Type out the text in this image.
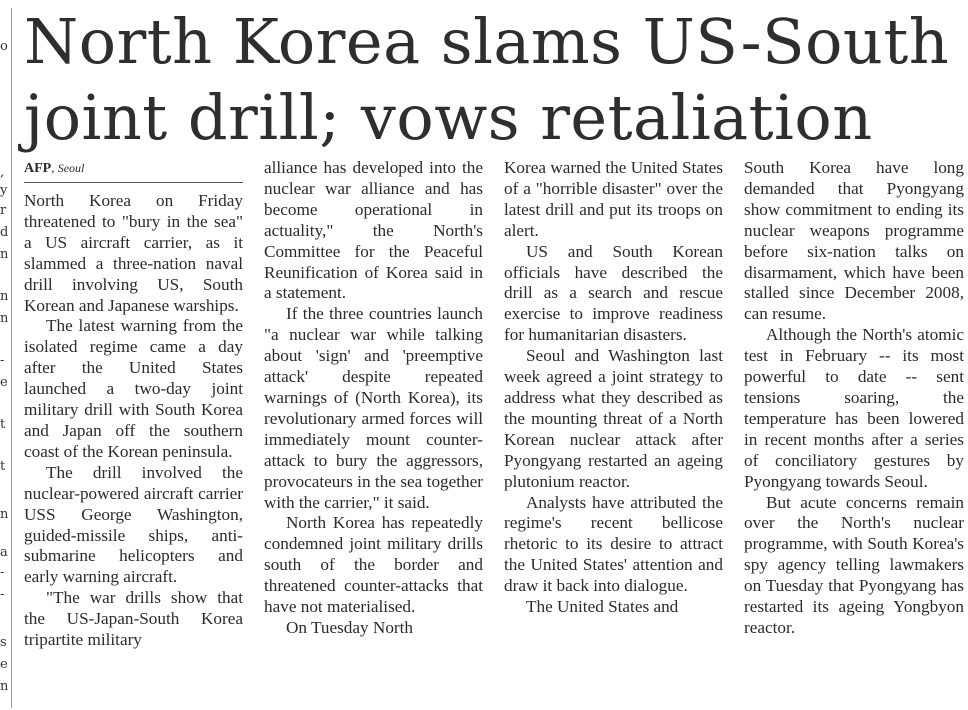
o
,
y
r
d
n
n
n
-
e
t
t
n
a
-
-
s
e
n
North Korea slams US-South joint drill; vows retaliation
AFP, Seoul

North Korea on Friday threatened to "bury in the sea" a US aircraft carrier, as it slammed a three-nation naval drill involving US, South Korean and Japanese warships.

The latest warning from the isolated regime came a day after the United States launched a two-day joint military drill with South Korea and Japan off the southern coast of the Korean peninsula.

The drill involved the nuclear-powered aircraft carrier USS George Washington, guided-missile ships, anti-submarine helicopters and early warning aircraft.

"The war drills show that the US-Japan-South Korea tripartite military

alliance has developed into the nuclear war alliance and has become operational in actuality," the North's Committee for the Peaceful Reunification of Korea said in a statement.

If the three countries launch "a nuclear war while talking about 'sign' and 'preemptive attack' despite repeated warnings of (North Korea), its revolutionary armed forces will immediately mount counter-attack to bury the aggressors, provocateurs in the sea together with the carrier," it said.

North Korea has repeatedly condemned joint military drills south of the border and threatened counter-attacks that have not materialised.

On Tuesday North

Korea warned the United States of a "horrible disaster" over the latest drill and put its troops on alert.

US and South Korean officials have described the drill as a search and rescue exercise to improve readiness for humanitarian disasters.

Seoul and Washington last week agreed a joint strategy to address what they described as the mounting threat of a North Korean nuclear attack after Pyongyang restarted an ageing plutonium reactor.

Analysts have attributed the regime's recent bellicose rhetoric to its desire to attract the United States' attention and draw it back into dialogue.

The United States and

South Korea have long demanded that Pyongyang show commitment to ending its nuclear weapons programme before six-nation talks on disarmament, which have been stalled since December 2008, can resume.

Although the North's atomic test in February -- its most powerful to date -- sent tensions soaring, the temperature has been lowered in recent months after a series of conciliatory gestures by Pyongyang towards Seoul.

But acute concerns remain over the North's nuclear programme, with South Korea's spy agency telling lawmakers on Tuesday that Pyongyang has restarted its ageing Yongbyon reactor.
